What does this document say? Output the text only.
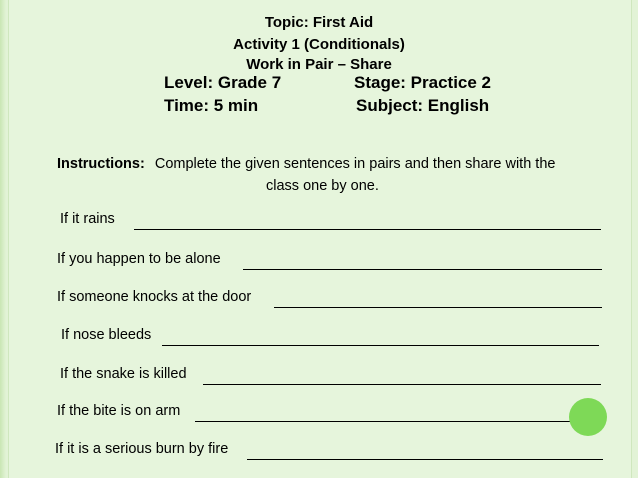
Topic: First Aid
Activity 1 (Conditionals)
Work in Pair – Share
Level: Grade 7	Stage: Practice 2
Time: 5 min	Subject: English
Instructions: Complete the given sentences in pairs and then share with the
class one by one.
If it rains
If you happen to be alone
If someone knocks at the door
If nose bleeds
If the snake is killed
If the bite is on arm
If it is a serious burn by fire
